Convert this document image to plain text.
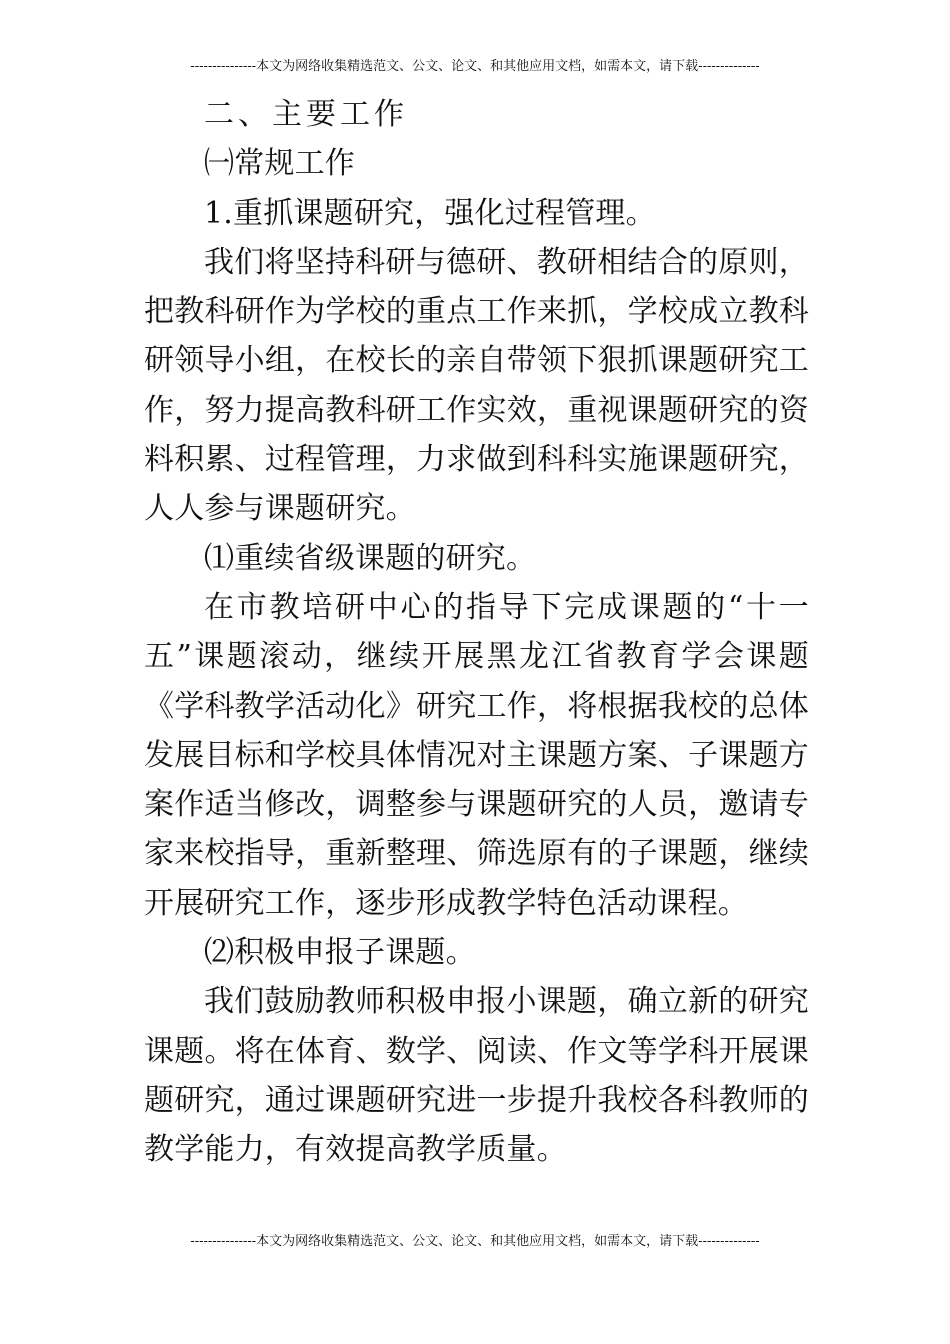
---------------本文为网络收集精选范文、公文、论文、和其他应用文档，如需本文，请下载--------------

二、主要工作

㈠常规工作

1.重抓课题研究，强化过程管理。

我们将坚持科研与德研、教研相结合的原则，把教科研作为学校的重点工作来抓，学校成立教科研领导小组，在校长的亲自带领下狠抓课题研究工作，努力提高教科研工作实效，重视课题研究的资料积累、过程管理，力求做到科科实施课题研究，人人参与课题研究。

⑴重续省级课题的研究。

在市教培研中心的指导下完成课题的“十一五”课题滚动，继续开展黑龙江省教育学会课题《学科教学活动化》研究工作，将根据我校的总体发展目标和学校具体情况对主课题方案、子课题方案作适当修改，调整参与课题研究的人员，邀请专家来校指导，重新整理、筛选原有的子课题，继续开展研究工作，逐步形成教学特色活动课程。

⑵积极申报子课题。

我们鼓励教师积极申报小课题，确立新的研究课题。将在体育、数学、阅读、作文等学科开展课题研究，通过课题研究进一步提升我校各科教师的教学能力，有效提高教学质量。

---------------本文为网络收集精选范文、公文、论文、和其他应用文档，如需本文，请下载--------------
